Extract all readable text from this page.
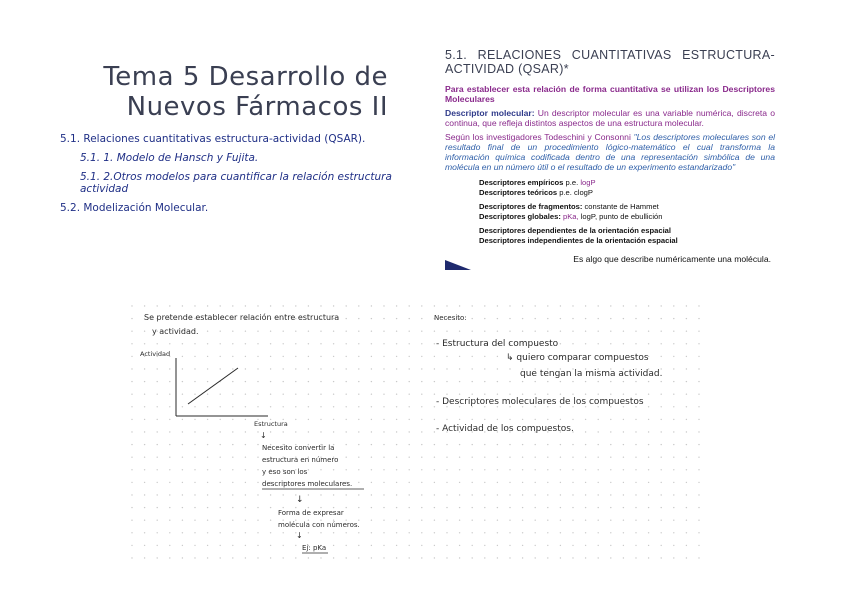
Tema 5 Desarrollo de
Nuevos Fármacos II
5.1. Relaciones cuantitativas estructura-actividad (QSAR).
5.1. 1. Modelo de Hansch y Fujita.
5.1. 2.Otros modelos para cuantificar la relación estructura actividad
5.2. Modelización Molecular.
5.1. RELACIONES CUANTITATIVAS ESTRUCTURA-ACTIVIDAD (QSAR)*

Para establecer esta relación de forma cuantitativa se utilizan los Descriptores Moleculares

Descriptor molecular: Un descriptor molecular es una variable numérica, discreta o continua, que refleja distintos aspectos de una estructura molecular.

Según los investigadores Todeschini y Consonni "Los descriptores moleculares son el resultado final de un procedimiento lógico-matemático el cual transforma la información química codificada dentro de una representación simbólica de una molécula en un número útil o el resultado de un experimento estandarizado"

Descriptores empíricos p.e. logP
Descriptores teóricos p.e. clogP
Descriptores de fragmentos: constante de Hammet
Descriptores globales: pKa, logP, punto de ebullición
Descriptores dependientes de la orientación espacial
Descriptores independientes de la orientación espacial
Es algo que describe numéricamente una molécula.
Se pretende establecer relación entre estructura
y actividad.
Actividad
Estructura
↓
Necesito convertir la
estructura en número
y eso son los
descriptores moleculares.
↓
Forma de expresar
molécula con números.
↓
Ej: pKa
Necesito:
- Estructura del compuesto
↳ quiero comparar compuestos
que tengan la misma actividad.
- Descriptores moleculares de los compuestos
- Actividad de los compuestos.
